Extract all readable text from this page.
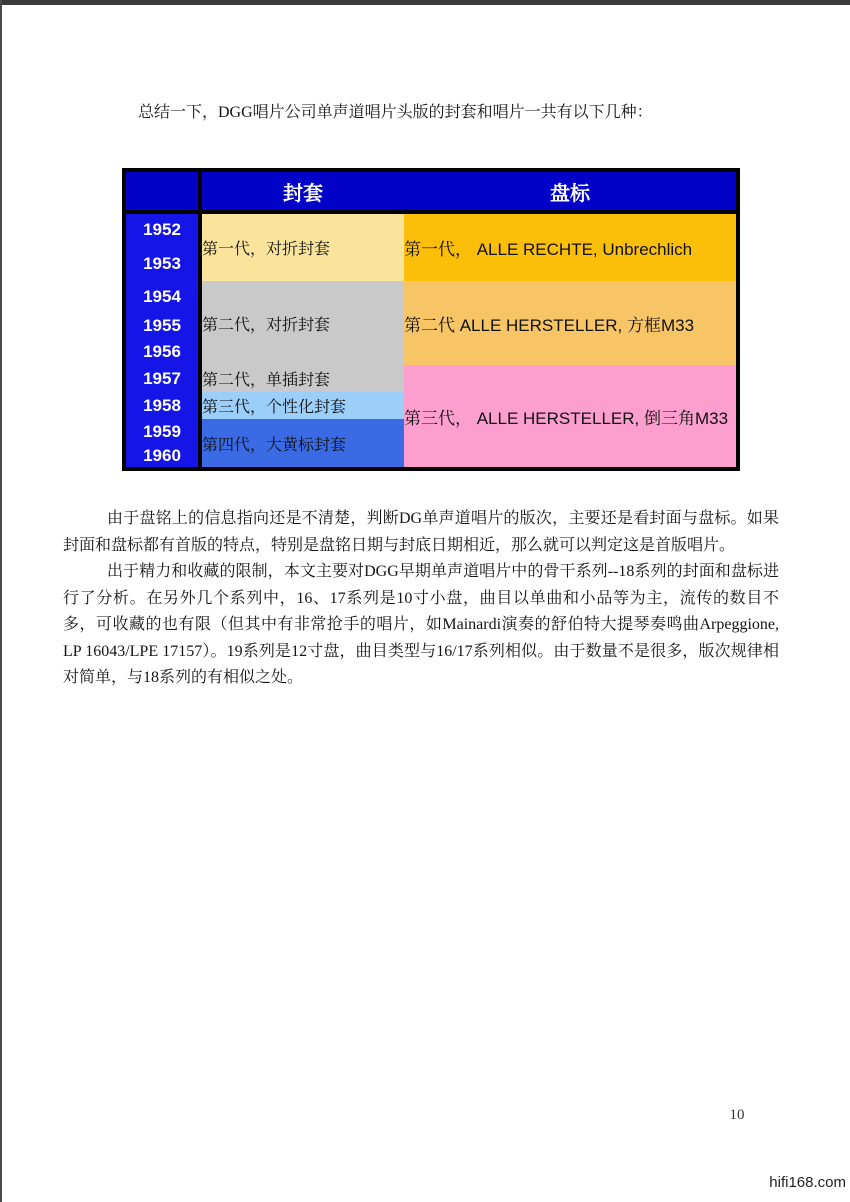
总结一下，DGG唱片公司单声道唱片头版的封套和唱片一共有以下几种：
	封套	盘标
1952	第一代，对折封套	第一代， ALLE RECHTE, Unbrechlich
1953		
1954	第二代，对折封套	第二代 ALLE HERSTELLER, 方框M33
1955		
1956		
1957	第二代，单插封套	第三代， ALLE HERSTELLER, 倒三角M33
1958	第三代，个性化封套	
1959	第四代，大黄标封套	
1960		

由于盘铭上的信息指向还是不清楚，判断DG单声道唱片的版次，主要还是看封面与盘标。如果封面和盘标都有首版的特点，特别是盘铭日期与封底日期相近，那么就可以判定这是首版唱片。

出于精力和收藏的限制，本文主要对DGG早期单声道唱片中的骨干系列--18系列的封面和盘标进行了分析。在另外几个系列中，16、17系列是10寸小盘，曲目以单曲和小品等为主，流传的数目不多，可收藏的也有限（但其中有非常抢手的唱片，如Mainardi演奏的舒伯特大提琴奏鸣曲Arpeggione, LP 16043/LPE 17157）。19系列是12寸盘，曲目类型与16/17系列相似。由于数量不是很多，版次规律相对简单，与18系列的有相似之处。

10
hifi168.com
